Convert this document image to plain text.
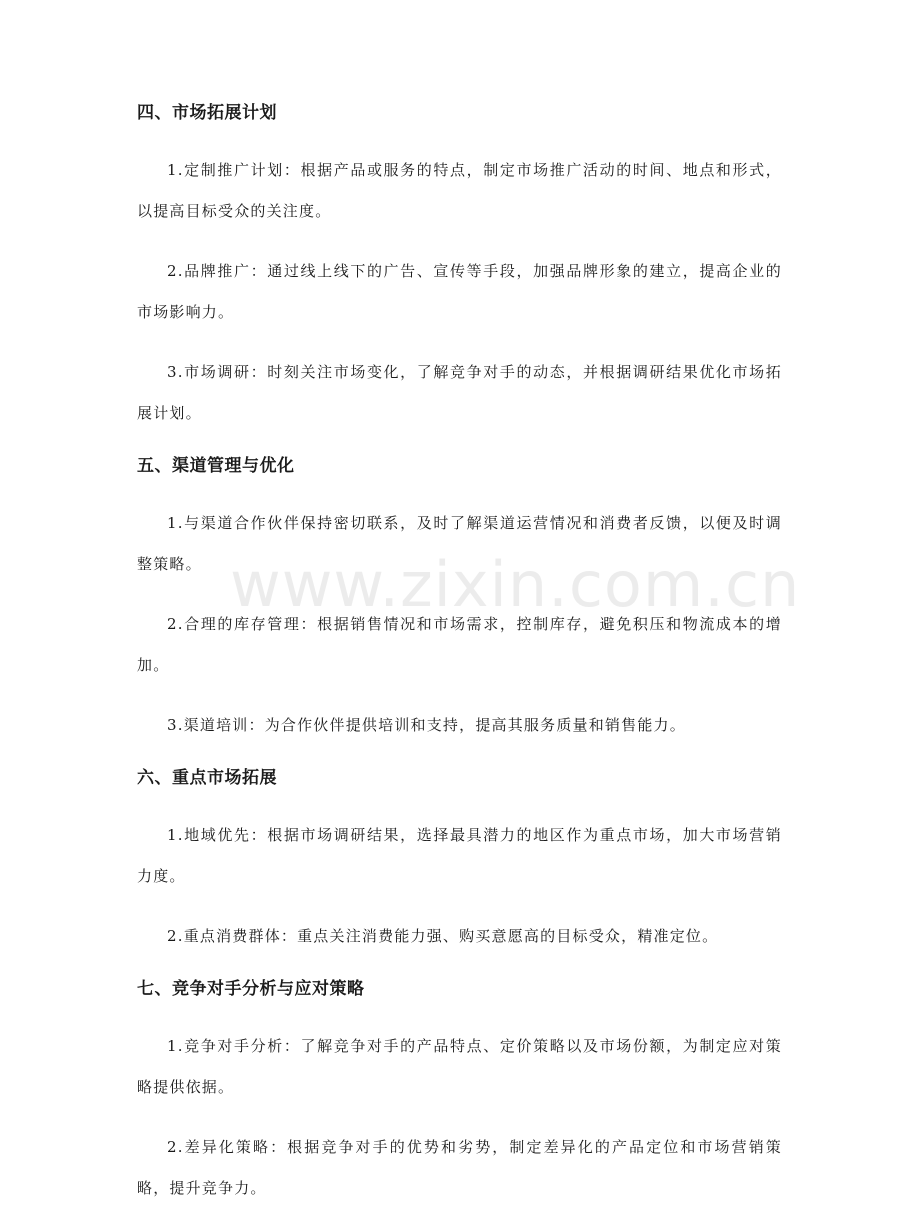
www.zixin.com.cn
四、市场拓展计划

1.定制推广计划：根据产品或服务的特点，制定市场推广活动的时间、地点和形式，以提高目标受众的关注度。

2.品牌推广：通过线上线下的广告、宣传等手段，加强品牌形象的建立，提高企业的市场影响力。

3.市场调研：时刻关注市场变化，了解竞争对手的动态，并根据调研结果优化市场拓展计划。

五、渠道管理与优化

1.与渠道合作伙伴保持密切联系，及时了解渠道运营情况和消费者反馈，以便及时调整策略。

2.合理的库存管理：根据销售情况和市场需求，控制库存，避免积压和物流成本的增加。

3.渠道培训：为合作伙伴提供培训和支持，提高其服务质量和销售能力。

六、重点市场拓展

1.地域优先：根据市场调研结果，选择最具潜力的地区作为重点市场，加大市场营销力度。

2.重点消费群体：重点关注消费能力强、购买意愿高的目标受众，精准定位。

七、竞争对手分析与应对策略

1.竞争对手分析：了解竞争对手的产品特点、定价策略以及市场份额，为制定应对策略提供依据。

2.差异化策略：根据竞争对手的优势和劣势，制定差异化的产品定位和市场营销策略，提升竞争力。
